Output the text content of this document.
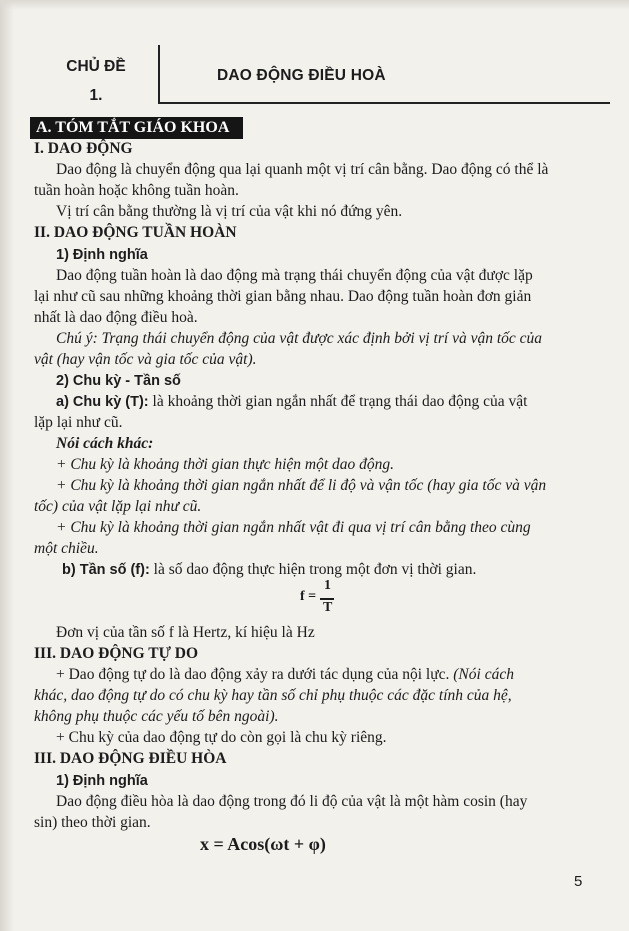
CHỦ ĐỀ
1.
DAO ĐỘNG ĐIỀU HOÀ
A. TÓM TẮT GIÁO KHOA
I. DAO ĐỘNG
Dao động là chuyển động qua lại quanh một vị trí cân bằng. Dao động có thể là
tuần hoàn hoặc không tuần hoàn.
Vị trí cân bằng thường là vị trí của vật khi nó đứng yên.
II. DAO ĐỘNG TUẦN HOÀN
1) Định nghĩa
Dao động tuần hoàn là dao động mà trạng thái chuyển động của vật được lặp
lại như cũ sau những khoảng thời gian bằng nhau. Dao động tuần hoàn đơn giản
nhất là dao động điều hoà.
Chú ý: Trạng thái chuyển động của vật được xác định bởi vị trí và vận tốc của
vật (hay vận tốc và gia tốc của vật).
2) Chu kỳ - Tần số
a) Chu kỳ (T): là khoảng thời gian ngắn nhất để trạng thái dao động của vật
lặp lại như cũ.
Nói cách khác:
+ Chu kỳ là khoảng thời gian thực hiện một dao động.
+ Chu kỳ là khoảng thời gian ngắn nhất để li độ và vận tốc (hay gia tốc và vận
tốc) của vật lặp lại như cũ.
+ Chu kỳ là khoảng thời gian ngắn nhất vật đi qua vị trí cân bằng theo cùng
một chiều.
b) Tần số (f): là số dao động thực hiện trong một đơn vị thời gian.
f =
1
T
Đơn vị của tần số f là Hertz, kí hiệu là Hz
III. DAO ĐỘNG TỰ DO
+ Dao động tự do là dao động xảy ra dưới tác dụng của nội lực. (Nói cách
khác, dao động tự do có chu kỳ hay tần số chỉ phụ thuộc các đặc tính của hệ,
không phụ thuộc các yếu tố bên ngoài).
+ Chu kỳ của dao động tự do còn gọi là chu kỳ riêng.
III. DAO ĐỘNG ĐIỀU HÒA
1) Định nghĩa
Dao động điều hòa là dao động trong đó li độ của vật là một hàm cosin (hay
sin) theo thời gian.
x = Acos(ωt + φ)
5
